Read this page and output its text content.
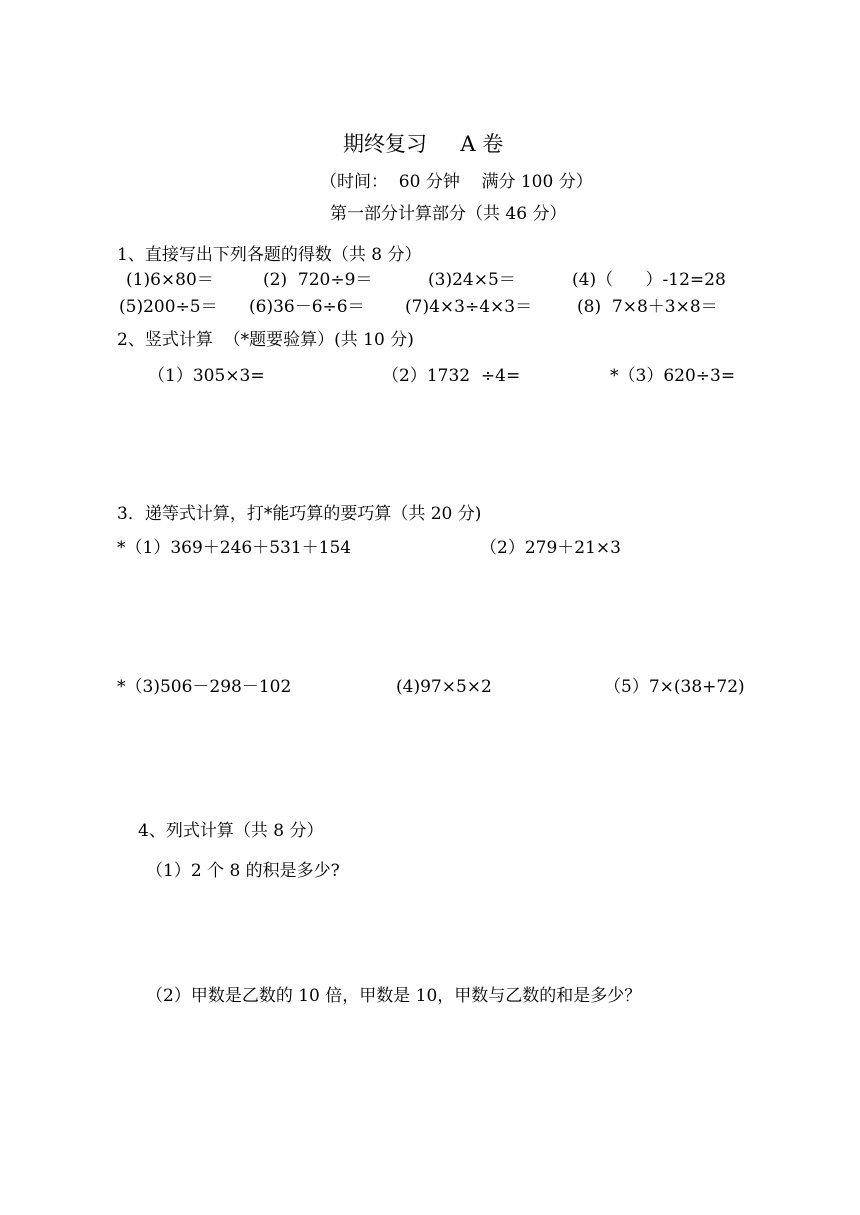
期终复习     A 卷
（时间：  60 分钟    满分 100 分）
第一部分计算部分（共 46 分）
1、直接写出下列各题的得数（共 8 分）
(1)6×80＝	(2)  720÷9＝	(3)24×5＝	(4)（      ）-12=28
(5)200÷5＝ (6)36－6÷6＝ (7)4×3÷4×3＝	(8)  7×8＋3×8＝
2、竖式计算  （*题要验算）(共 10 分)
（1）305×3=	（2）1732  ÷4=	*（3）620÷3=
3．递等式计算，打*能巧算的要巧算（共 20 分)
*（1）369＋246＋531＋154	（2）279＋21×3
*（3)506－298－102	(4)97×5×2	（5）7×(38+72)
4、列式计算（共 8 分）
（1）2 个 8 的积是多少?
（2）甲数是乙数的 10 倍，甲数是 10，甲数与乙数的和是多少？
